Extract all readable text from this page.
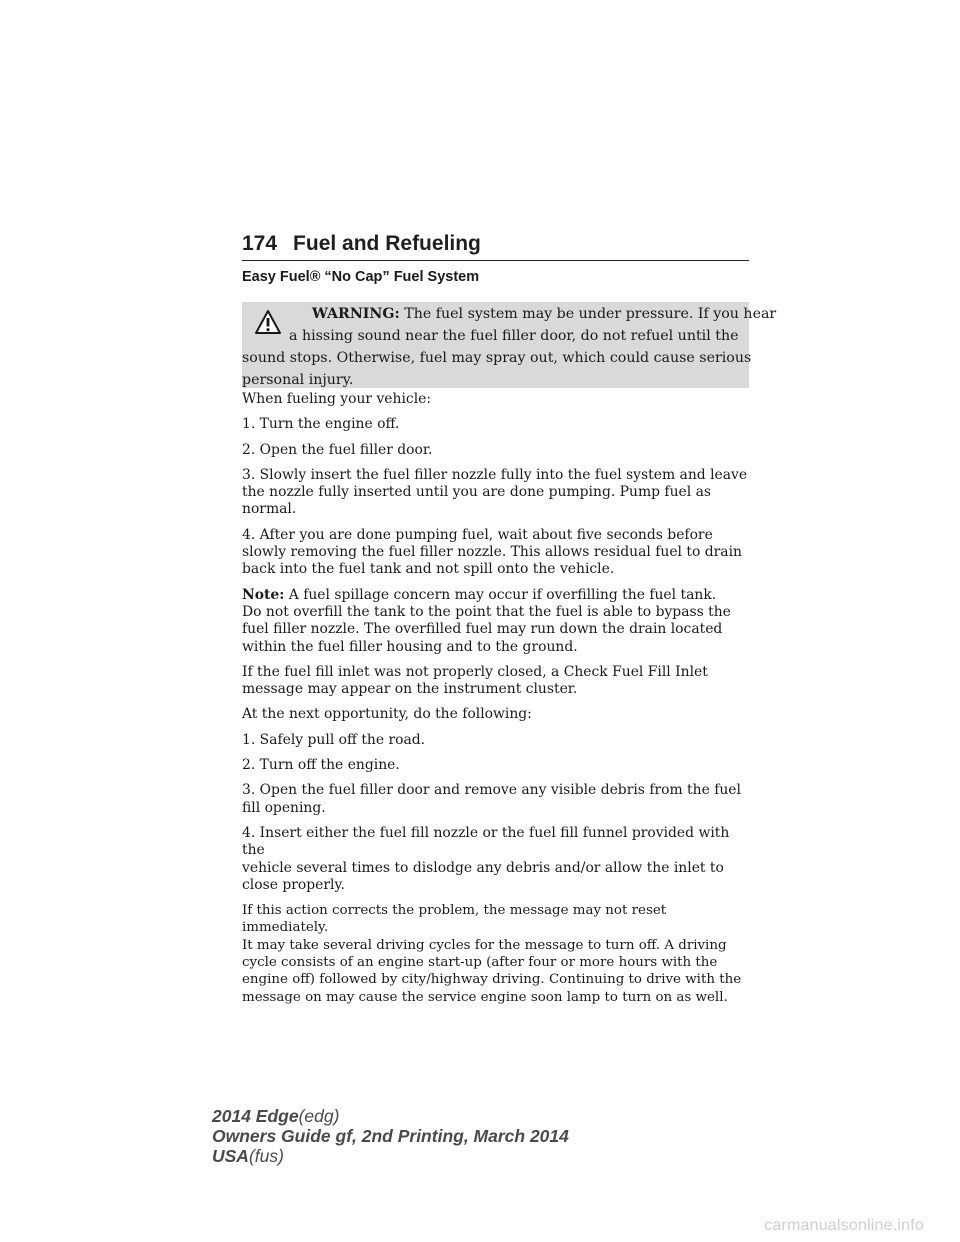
174 Fuel and Refueling
Easy Fuel® “No Cap” Fuel System
WARNING: The fuel system may be under pressure. If you hear
a hissing sound near the fuel filler door, do not refuel until the
sound stops. Otherwise, fuel may spray out, which could cause serious
personal injury.

When fueling your vehicle:

1. Turn the engine off.

2. Open the fuel filler door.

3. Slowly insert the fuel filler nozzle fully into the fuel system and leave
the nozzle fully inserted until you are done pumping. Pump fuel as
normal.

4. After you are done pumping fuel, wait about five seconds before
slowly removing the fuel filler nozzle. This allows residual fuel to drain
back into the fuel tank and not spill onto the vehicle.

Note: A fuel spillage concern may occur if overfilling the fuel tank.
Do not overfill the tank to the point that the fuel is able to bypass the
fuel filler nozzle. The overfilled fuel may run down the drain located
within the fuel filler housing and to the ground.

If the fuel fill inlet was not properly closed, a Check Fuel Fill Inlet
message may appear on the instrument cluster.

At the next opportunity, do the following:

1. Safely pull off the road.

2. Turn off the engine.

3. Open the fuel filler door and remove any visible debris from the fuel
fill opening.

4. Insert either the fuel fill nozzle or the fuel fill funnel provided with the
vehicle several times to dislodge any debris and/or allow the inlet to
close properly.

If this action corrects the problem, the message may not reset immediately.
It may take several driving cycles for the message to turn off. A driving
cycle consists of an engine start-up (after four or more hours with the
engine off) followed by city/highway driving. Continuing to drive with the
message on may cause the service engine soon lamp to turn on as well.

2014 Edge(edg)
Owners Guide gf, 2nd Printing, March 2014
USA(fus)
carmanualsonline.info
